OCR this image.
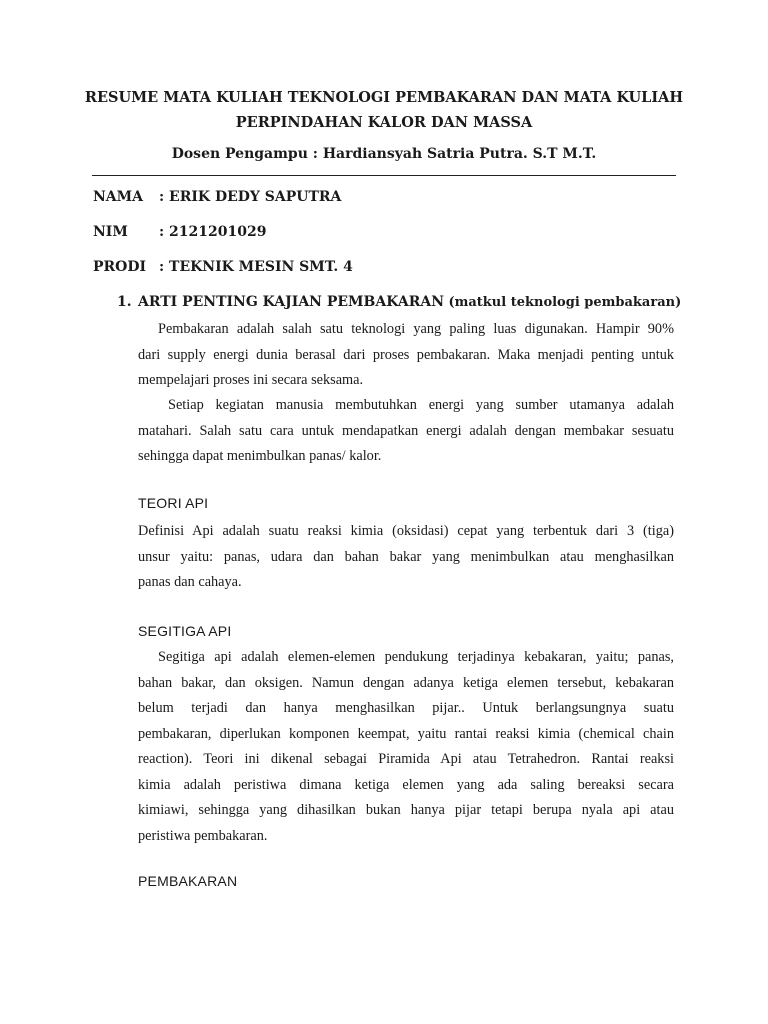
RESUME MATA KULIAH TEKNOLOGI PEMBAKARAN DAN MATA KULIAH
PERPINDAHAN KALOR DAN MASSA
Dosen Pengampu : Hardiansyah Satria Putra. S.T M.T.
NAMA : ERIK DEDY SAPUTRA
NIM : 2121201029
PRODI : TEKNIK MESIN SMT. 4
1. ARTI PENTING KAJIAN PEMBAKARAN (matkul teknologi pembakaran)
Pembakaran adalah salah satu teknologi yang paling luas digunakan. Hampir 90%
dari supply energi dunia berasal dari proses pembakaran. Maka menjadi penting untuk
mempelajari proses ini secara seksama.
Setiap kegiatan manusia membutuhkan energi yang sumber utamanya adalah
matahari. Salah satu cara untuk mendapatkan energi adalah dengan membakar sesuatu
sehingga dapat menimbulkan panas/ kalor.
TEORI API
Definisi Api adalah suatu reaksi kimia (oksidasi) cepat yang terbentuk dari 3 (tiga)
unsur yaitu: panas, udara dan bahan bakar yang menimbulkan atau menghasilkan
panas dan cahaya.
SEGITIGA API
Segitiga api adalah elemen-elemen pendukung terjadinya kebakaran, yaitu; panas,
bahan bakar, dan oksigen. Namun dengan adanya ketiga elemen tersebut, kebakaran
belum terjadi dan hanya menghasilkan pijar.. Untuk berlangsungnya suatu
pembakaran, diperlukan komponen keempat, yaitu rantai reaksi kimia (chemical chain
reaction). Teori ini dikenal sebagai Piramida Api atau Tetrahedron. Rantai reaksi
kimia adalah peristiwa dimana ketiga elemen yang ada saling bereaksi secara
kimiawi, sehingga yang dihasilkan bukan hanya pijar tetapi berupa nyala api atau
peristiwa pembakaran.
PEMBAKARAN
